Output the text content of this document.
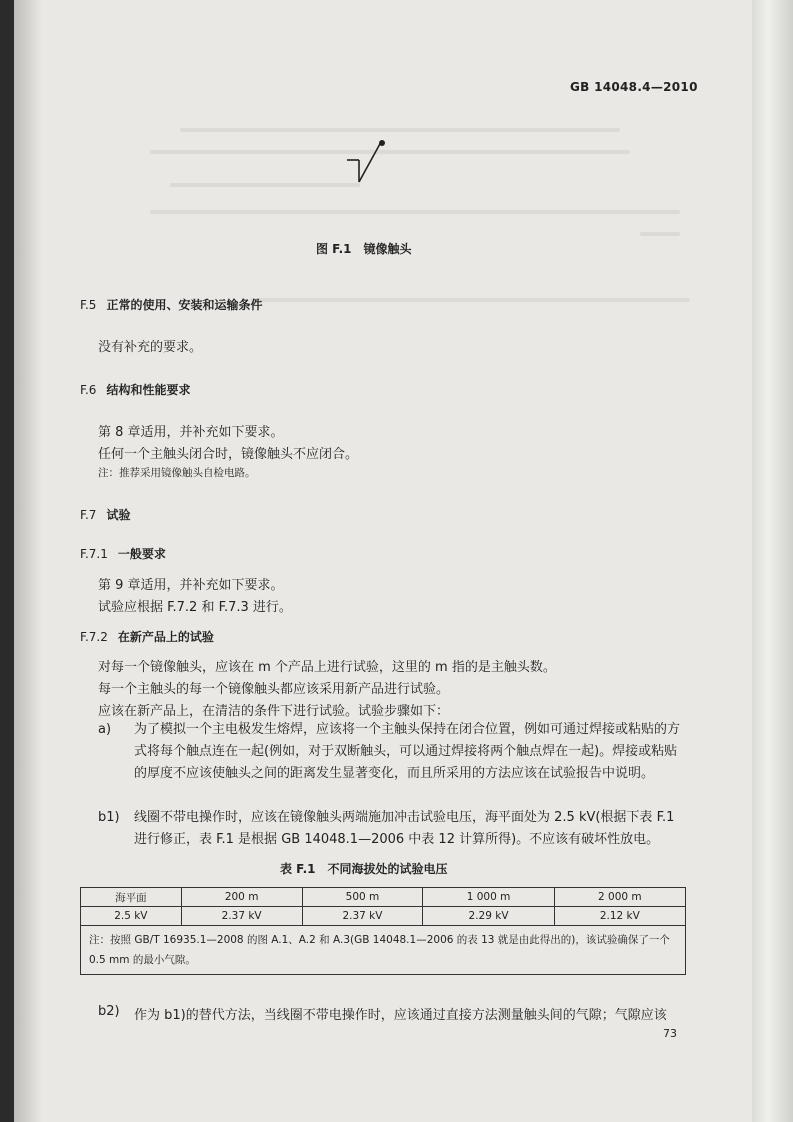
GB 14048.4—2010
图 F.1　镜像触头
F.5 正常的使用、安装和运输条件
没有补充的要求。
F.6 结构和性能要求
第 8 章适用，并补充如下要求。
任何一个主触头闭合时，镜像触头不应闭合。
注：推荐采用镜像触头自检电路。
F.7 试验
F.7.1 一般要求
第 9 章适用，并补充如下要求。
试验应根据 F.7.2 和 F.7.3 进行。
F.7.2 在新产品上的试验
对每一个镜像触头，应该在 m 个产品上进行试验，这里的 m 指的是主触头数。
每一个主触头的每一个镜像触头都应该采用新产品进行试验。
应该在新产品上，在清洁的条件下进行试验。试验步骤如下：
a) 为了模拟一个主电极发生熔焊，应该将一个主触头保持在闭合位置，例如可通过焊接或粘贴的方式将每个触点连在一起(例如，对于双断触头，可以通过焊接将两个触点焊在一起)。焊接或粘贴的厚度不应该使触头之间的距离发生显著变化，而且所采用的方法应该在试验报告中说明。
b1) 线圈不带电操作时，应该在镜像触头两端施加冲击试验电压，海平面处为 2.5 kV(根据下表 F.1 进行修正，表 F.1 是根据 GB 14048.1—2006 中表 12 计算所得)。不应该有破坏性放电。
表 F.1　不同海拔处的试验电压
海平面	200 m	500 m	1 000 m	2 000 m
2.5 kV	2.37 kV	2.37 kV	2.29 kV	2.12 kV
注：按照 GB/T 16935.1—2008 的图 A.1、A.2 和 A.3(GB 14048.1—2006 的表 13 就是由此得出的)，该试验确保了一个 0.5 mm 的最小气隙。				
b2) 作为 b1)的替代方法，当线圈不带电操作时，应该通过直接方法测量触头间的气隙；气隙应该
73
